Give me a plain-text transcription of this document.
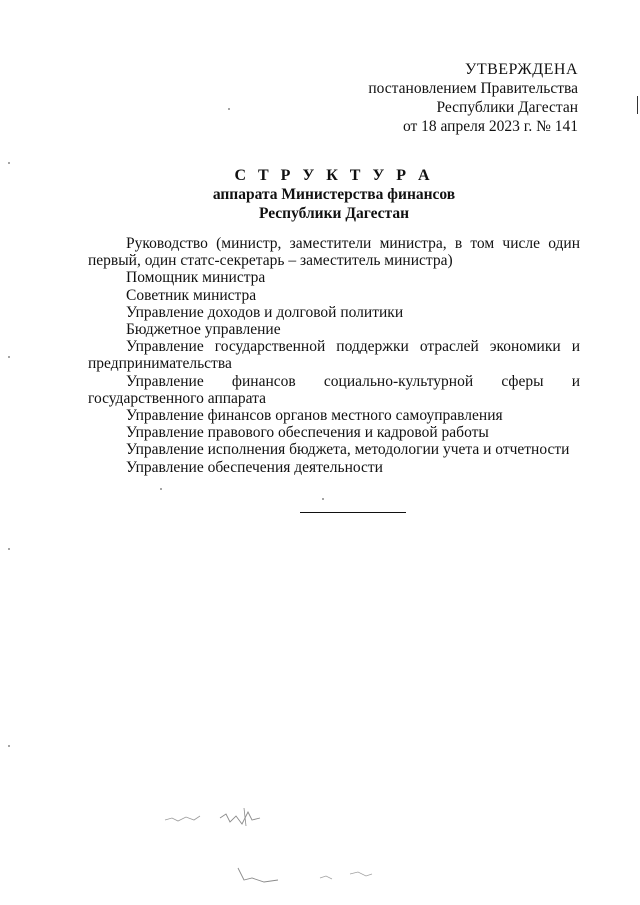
УТВЕРЖДЕНА
постановлением Правительства
Республики Дагестан
от 18 апреля 2023 г. № 141
С Т Р У К Т У Р А
аппарата Министерства финансов
Республики Дагестан

Руководство (министр, заместители министра, в том числе один первый, один статс-секретарь – заместитель министра)

Помощник министра

Советник министра

Управление доходов и долговой политики

Бюджетное управление

Управление государственной поддержки отраслей экономики и предпринимательства

Управление финансов социально-культурной сферы и государственного аппарата

Управление финансов органов местного самоуправления

Управление правового обеспечения и кадровой работы

Управление исполнения бюджета, методологии учета и отчетности

Управление обеспечения деятельности
